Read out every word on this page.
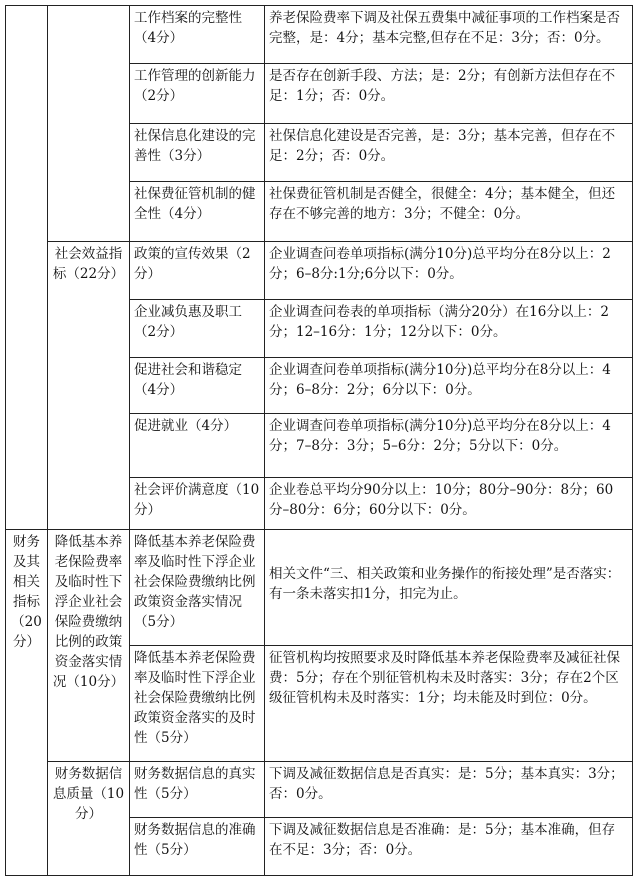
		工作档案的完整性（4分）	养老保险费率下调及社保五费集中减征事项的工作档案是否完整，是：4分；基本完整,但存在不足：3分；否：0分。
		工作管理的创新能力（2分）	是否存在创新手段、方法；是：2分；有创新方法但存在不足：1分；否：0分。
		社保信息化建设的完善性（3分）	社保信息化建设是否完善，是：3分；基本完善，但存在不足：2分；否：0分。
		社保费征管机制的健全性（4分）	社保费征管机制是否健全，很健全：4分；基本健全，但还存在不够完善的地方：3分；不健全：0分。
	社会效益指标（22分）	政策的宣传效果（2分）	企业调查问卷单项指标(满分10分)总平均分在8分以上：2分；6–8分:1分;6分以下：0分。
		企业减负惠及职工（2分）	企业调查问卷表的单项指标（满分20分）在16分以上：2分；12–16分：1分；12分以下：0分。
		促进社会和谐稳定（4分）	企业调查问卷单项指标(满分10分)总平均分在8分以上：4分；6–8分：2分；6分以下：0分。
		促进就业（4分）	企业调查问卷单项指标(满分10分)总平均分在8分以上：4分；7–8分：3分；5–6分：2分；5分以下：0分。
		社会评价满意度（10分）	企业卷总平均分90分以上：10分；80分–90分：8分；60分–80分：6分；60分以下：0分。
财务及其相关指标（20分）	降低基本养老保险费率及临时性下浮企业社会保险费缴纳比例的政策资金落实情况（10分）	降低基本养老保险费率及临时性下浮企业社会保险费缴纳比例政策资金落实情况（5分）	相关文件“三、相关政策和业务操作的衔接处理”是否落实：有一条未落实扣1分，扣完为止。
		降低基本养老保险费率及临时性下浮企业社会保险费缴纳比例政策资金落实的及时性（5分）	征管机构均按照要求及时降低基本养老保险费率及减征社保费：5分；存在个别征管机构未及时落实：3分；存在2个区级征管机构未及时落实：1分；均未能及时到位：0分。
	财务数据信息质量（10分）	财务数据信息的真实性（5分）	下调及减征数据信息是否真实：是：5分；基本真实：3分；否：0分。
		财务数据信息的准确性（5分）	下调及减征数据信息是否准确：是：5分；基本准确，但存在不足：3分；否：0分。
